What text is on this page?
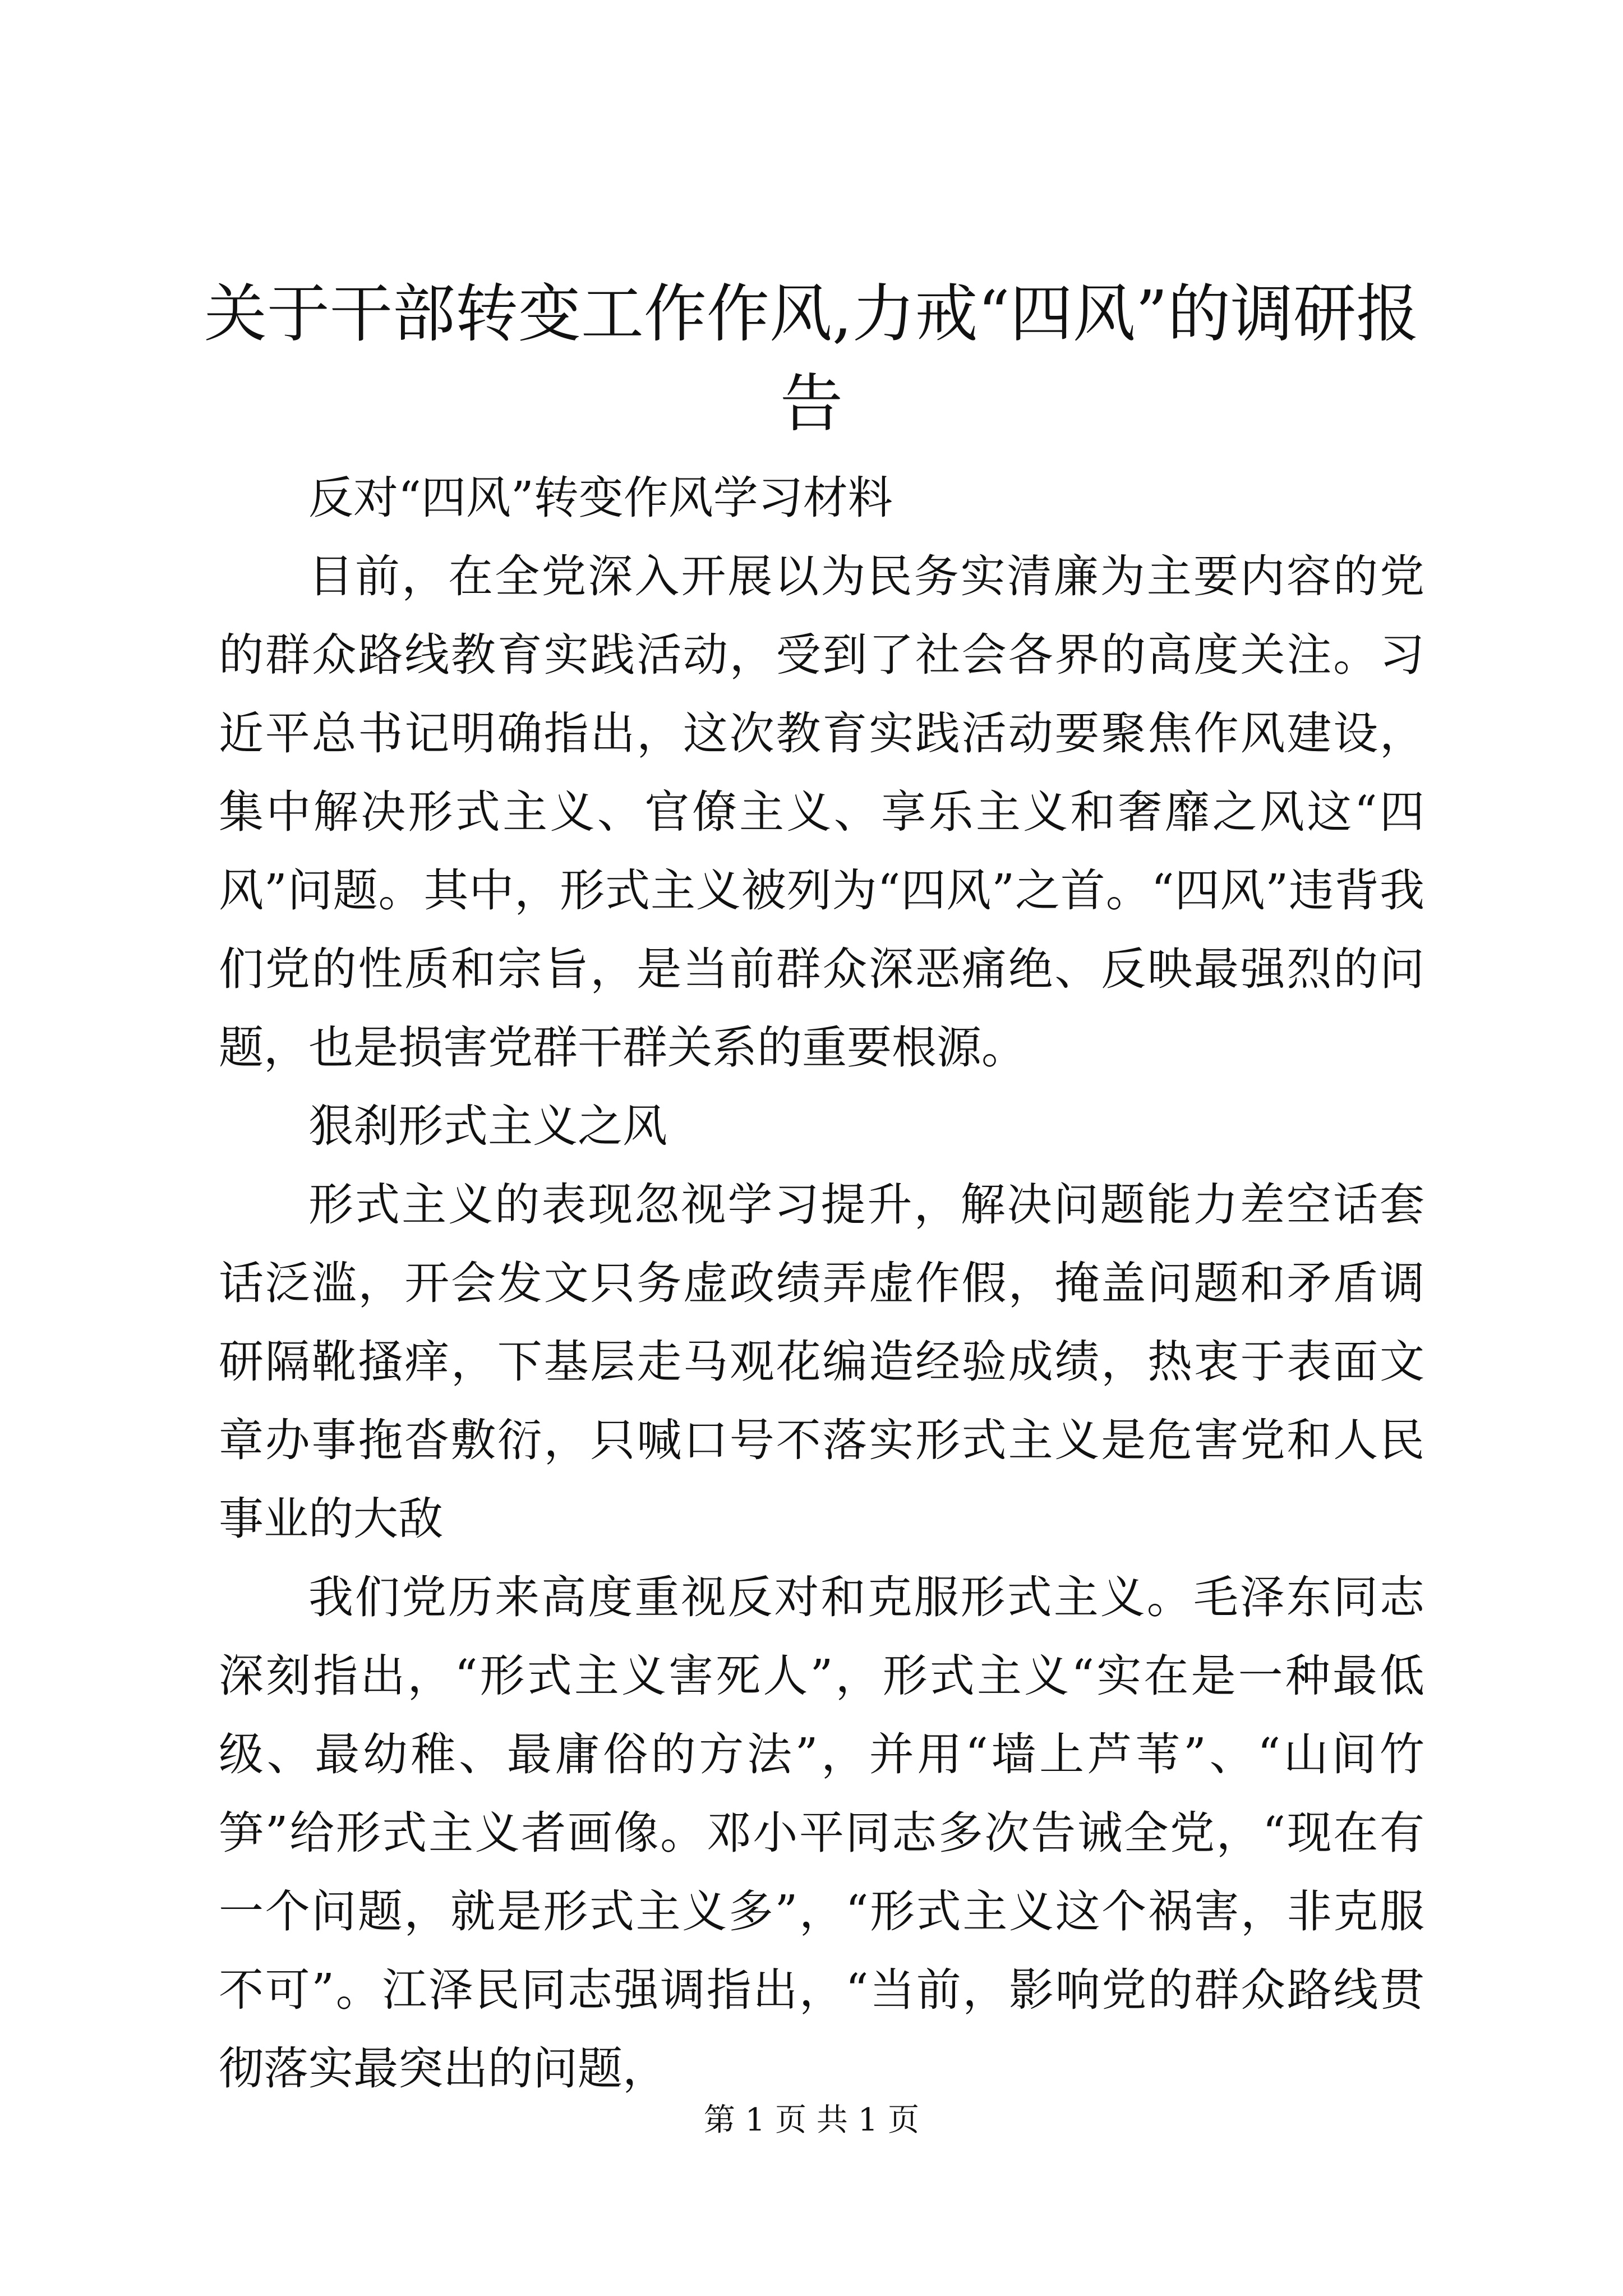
关于干部转变工作作风,力戒“四风”的调研报告

反对“四风”转变作风学习材料

目前，在全党深入开展以为民务实清廉为主要内容的党的群众路线教育实践活动，受到了社会各界的高度关注。习近平总书记明确指出，这次教育实践活动要聚焦作风建设，集中解决形式主义、官僚主义、享乐主义和奢靡之风这“四风”问题。其中，形式主义被列为“四风”之首。“四风”违背我们党的性质和宗旨，是当前群众深恶痛绝、反映最强烈的问题，也是损害党群干群关系的重要根源。

狠刹形式主义之风

形式主义的表现忽视学习提升，解决问题能力差空话套话泛滥，开会发文只务虚政绩弄虚作假，掩盖问题和矛盾调研隔靴搔痒，下基层走马观花编造经验成绩，热衷于表面文章办事拖沓敷衍，只喊口号不落实形式主义是危害党和人民事业的大敌

我们党历来高度重视反对和克服形式主义。毛泽东同志深刻指出，“形式主义害死人”，形式主义“实在是一种最低级、最幼稚、最庸俗的方法”，并用“墙上芦苇”、“山间竹笋”给形式主义者画像。邓小平同志多次告诫全党，“现在有一个问题，就是形式主义多”，“形式主义这个祸害，非克服不可”。江泽民同志强调指出，“当前，影响党的群众路线贯彻落实最突出的问题，

第 1 页 共 1 页
